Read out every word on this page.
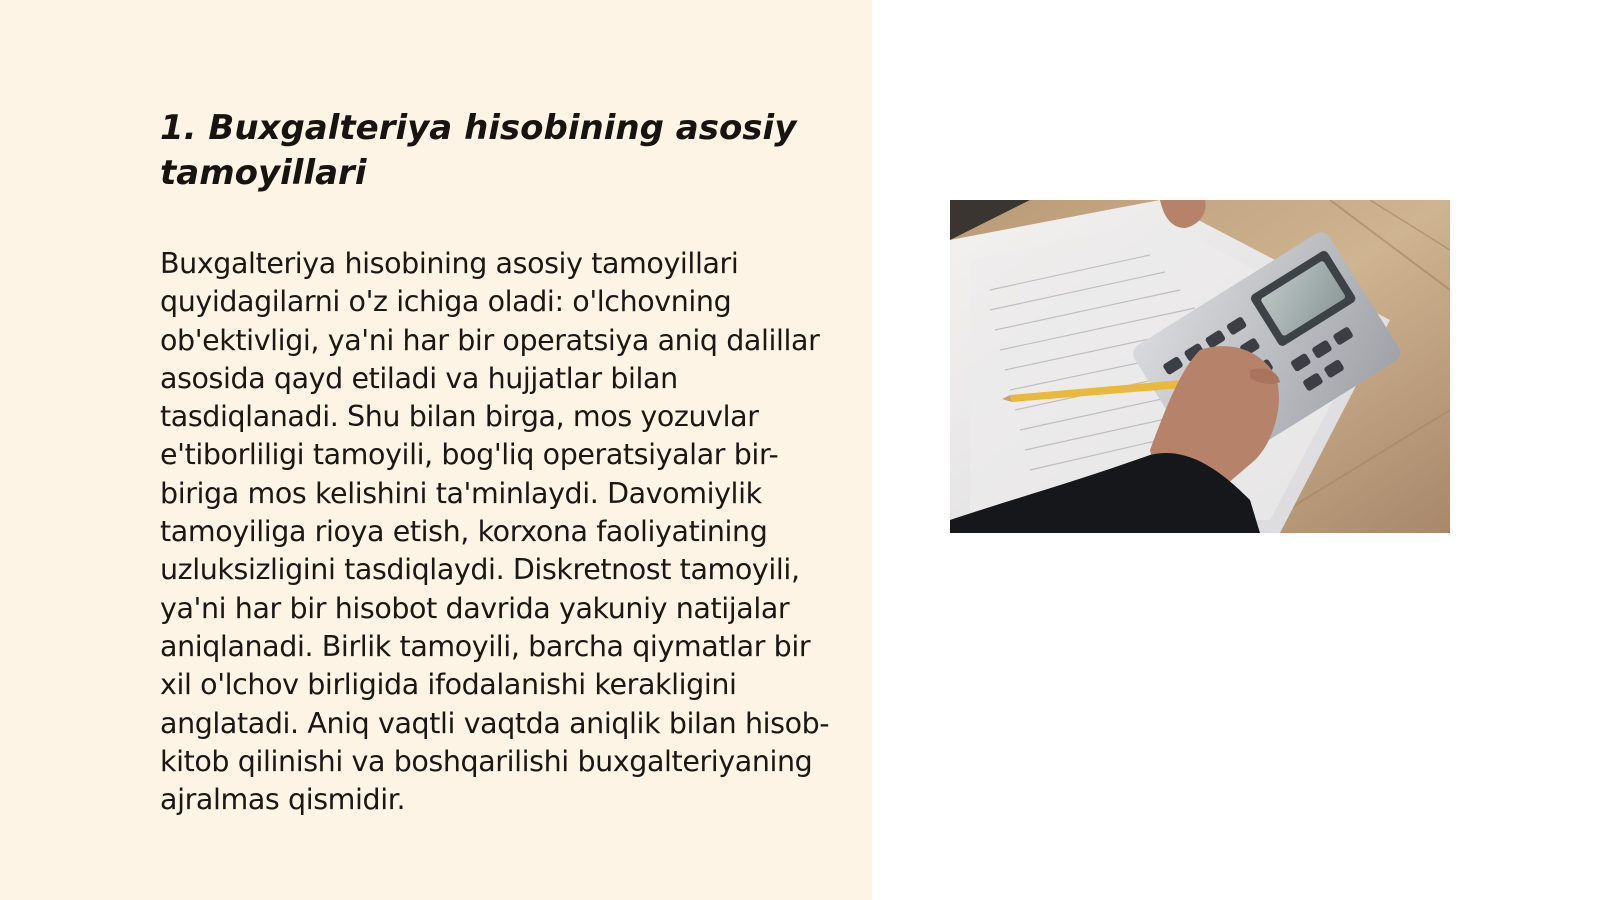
1. Buxgalteriya hisobining asosiy tamoyillari

Buxgalteriya hisobining asosiy tamoyillari quyidagilarni o'z ichiga oladi: o'lchovning ob'ektivligi, ya'ni har bir operatsiya aniq dalillar asosida qayd etiladi va hujjatlar bilan tasdiqlanadi. Shu bilan birga, mos yozuvlar e'tiborliligi tamoyili, bog'liq operatsiyalar bir-biriga mos kelishini ta'minlaydi. Davomiylik tamoyiliga rioya etish, korxona faoliyatining uzluksizligini tasdiqlaydi. Diskretnost tamoyili, ya'ni har bir hisobot davrida yakuniy natijalar aniqlanadi. Birlik tamoyili, barcha qiymatlar bir xil o'lchov birligida ifodalanishi kerakligini anglatadi. Aniq vaqtli vaqtda aniqlik bilan hisob-kitob qilinishi va boshqarilishi buxgalteriyaning ajralmas qismidir.
